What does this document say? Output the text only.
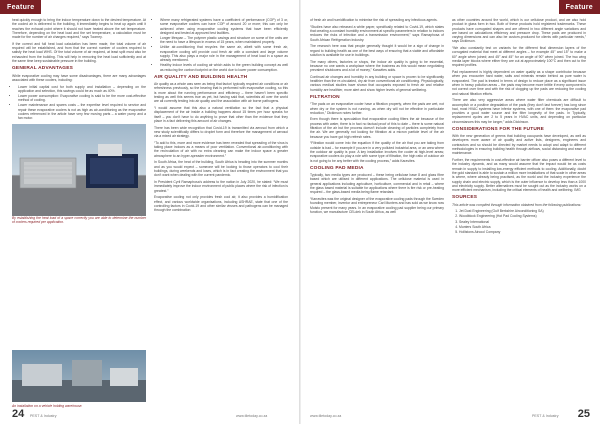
Feature

heat quickly enough to bring the indoor temperature down to the desired temperature. At the cooled air is delivered to the building, it immediately begins to heat up again until it reaches the exhaust point where it should not have heated above the set temperature. Therefore, depending on the heat load and the set temperature, a calculation must be made for the number of air changes required,” says Toomey.

If the correct and full heat load calculation has been made, the total volume of air required will be established, and from that the correct number of coolers required to satisfy the heat load WHS. Of the total volume of air required, at least split must also be exhausted from the building. This will help in removing the heat load sufficiently and at the same time keep sustainable pressure in the building.

GENERAL ADVANTAGES

While evaporative cooling may have some disadvantages, there are many advantages associated with these coolers, including:

• Lower initial capital cost for both supply and installation – depending on the application and selection, this savings could be as much as 40%.
• Lower power consumption: Evaporative cooling is said to be the more cost-effective method of cooling.
• Lower maintenance and spares costs – the expertise level required to service and repair these evaporative coolers is not as high as air-conditioning as the evaporative coolers referenced in the article have very few moving parts – a water pump and a fan motor.

By establishing the heat load of a space correctly you are able to determine the number of coolers required per application.

• Where many refrigerated systems have a coefficient of performance (COP) of 3 or, some evaporative coolers can have COP of around 20 or more; this can only be achieved when using evaporative cooling systems that have been efficiently designed and tested at approved test facilities.
• Longer lifespan – The polymer plastic casings and structure on some of the units are the need to have a lifespan in excess of 15 years, when maintained properly.
• Unlike air-conditioning that recycles the same air, albeit with some fresh air, evaporative cooling will provide cool fresh air with a constant and large volume supply. This also plays a major role in the management of heat load in a space as already mentioned.
• Healthy indoor levels of cooling air which adds to the green building concept as well as reducing the carbon footprint on the world due to lower power consumption.
AIR QUALITY AND BUILDING HEALTH

Air quality as a whole was seen as being that factor/ typically required air conditions or air refreshness previously, so the bearing that is performed with evaporative cooling, so this is more about the running performance and efficiency – there haven’t been specific testing as well this seems true as yet, but having said that, scientists all over the world are all currently testing into air quality and the association with air borne pathogens.

“I would assume that this also a natural ventilation so the fact that a physical displacement of the air inside a building happens about 15 times per hour speaks for itself – you don’t have to do anything to prove that other than the evidence that they place in a fact delivering this amount of air changes.

There has been wide recognition that Covid-19 is transmitted via aerosol from which a new study scientifically differs to droplet form and therefore the management of aerosol via a mixed air strategy.

“To add to this, more and more evidence has been revealed that spreading of the virus is taking place indoors as a means of poor ventilation. Conventional air-conditioning with the recirculation of air with no extra cleaning can make the indoor space a greater atmosphere to an hyper-spreader environment.”

In South Africa, the heat of the building, South Africa is heading into the summer months and as you would expect – someone will be looking to those operators to cool their buildings, during weekends and loses, which is in fact creating the environment that you don’t want when dealing with the current pandemic.

In President Cyril Ramaphosa’s address to the nation in July 2020, he stated: “We must immediately improve the indoor environment of public places where the risk of infection is greatest.”

Evaporative cooling not only provides fresh cool air, it also provides a humidification effect, and various worldwide organisations, including ASHRAE, state that one of the controlling factors in Covid-19 and other similar viruses and pathogens can be managed through the combination

An installation on a vehicle holding warehouse.

24 PEST & Industry	www.tiletoday.co.za
Feature

of fresh air and humidification to minimise the risk of spreading any infectious agents.

“Studies have also released a white paper, specifically related to Covid-19, which states that creating a constant humidity environment at specific parameters in relation to indoors reduces the risks of infection and a transmission environment,” says Ramaphosa of South African Refrigeration Industry.

The research here was that people generally thought it would be a sign of change in regard to building health as one of the best ways of ensuring that a viable and affordable solution is available for use in buildings.

The many others, factories or shops, the indoor air quality is going to be essential, because no one wants a workplace where the business as this would mean negotiating prevalent shutdowns and a lot of money,” Karavites adds.

Continual air changes and humidity in any building or space is proven to be significantly healthier than the re-circulated, dry air from conventional air conditioning. Physiologically, various medical studies have shown that occupants exposed to fresh air and relative humidity are healthier, more alert and show higher levels of general wellbeing.

FILTRATION

“The pads on an evaporative cooler have a filtration property, when the pads are wet, not when dry or the system is not running, as when dry will not be effective in particulate reduction,” Dickinson notes further.

Even though there is speculation that evaporative cooling filters the air because of the process with water, there is in fact no factual proof of this to date – there is some natural filtration of the air but the process doesn’t include cleaning of particles completely from the air. We are generally not looking for filtration at a micron particle level of the air because you have got high refresh rates.

“Filtration would come into the equation if the quality of the air that you are taking from outside is bad – for example if you are in a very polluted industrial area, or an area where the outdoor air quality is poor. A key installation involves the cooler at high-level areas; evaporative coolers do play a role with some type of filtration, the high ratio of outdoor air is not going to be any better with the cooling process,” adds Karavites.

COOLING PAD MEDIA

Typically, two media types are produced – these being cellulose base 8 and glass fibre based which are utilised in different applications. The cellulose material is used in general applications including agriculture, horticulture, commercial and in retail – where the glass based material is suitable for applications where there is fire risk or pre-heating required – the glass-based media being flame retardant.

“Karravites was the original designer of the evaporative cooling pads through the Sweden founding member, inventor and entrepreneur Carl Munters and has sold as we know now Moisto present for many years. In an evaporative cooling pad supplier being our primary function, we manufacture CELdek in South Africa, as well

as other countries around the world, which is our cellulose product, and we also hold product in glass form in two. Both of these products hold registered trademarks. These products have corrugated shapes and are offered in two different angle variations and are based on calculations efficiency and pressure drop. These pads are produced in varying dimensions and can also be custom-produced for clients with particular needs,” says Dickinson.

“We also constantly test on variants for the different final dimension layers of the corrugated material that meet at different angles – for example 45° and 15° to make a 60° angle when joined; and 45° and 45° for an angle of 90° when joined. The two wing media layer blocks where either they are cut at approximately 100°C and then cut to the required profiles.

Pad replacement is highly dependent on water quality as a shape contributor because when you encounter hard water, salts and minerals remain behind as pure water is evaporated. The pad is treated in terms of design to reduce place as a significant issue when in heavy pollution areas – the pads may become more brittle if every component is not correct over time and with the risk of clogging up the pads are reducing the cooling and natural filtration efforts.

There are also very aggressive areas where water filter chemicals are difficult to accomplish or a positive degradation of the pads (they don’t last forever) has long since had, most HVAC systems have inferior systems, with one of them: the evaporative pad provides a good water source and the filter longevity of the pads. In Typically, replacement cycles are 2 to 5 years in HVAC units, and depending on particular circumstances this may be longer,” adds Dickinson.

CONSIDERATIONS FOR THE FUTURE

With the new generation of greens that building occupants have developed, as well as developers more aware of air quality and active lists, designers, engineers and contractors and so should be directed by market needs to adopt and adapt to different methodologies in ensuring building health through airflows, social distancing and ease of maintenance.

Further, the requirements in cost-effective air barrier officer also poses a different level to the industry dynamic, and as many would assume that the impact would be as costs remain in supply to installing low-energy efficient methods to cooling. Additionally, doubt the gold standard is able to sustain a million more installations of that scale in other areas is where, where already being practised, as the world and the industry experience the supply chain and electric supply, which is the outer influence to develop less than a 1000 and electricity supply. Better alternatives must be sought out as the industry works on a more efficient mechanism, including the critical elements of health and wellbeing. IMG

SOURCES

This article was compiled through information obtained from the following publications:

1. Jet Dust Engineering (Gulf Berkshire Airconditioning SA)
2. Woodblock Engineering (Hot Pad Cooling Systems)
3. Sealey International
4. Munters South Africa
5. Hollistons Aircool Company
www.tiletoday.co.za	PEST & Industry 25
